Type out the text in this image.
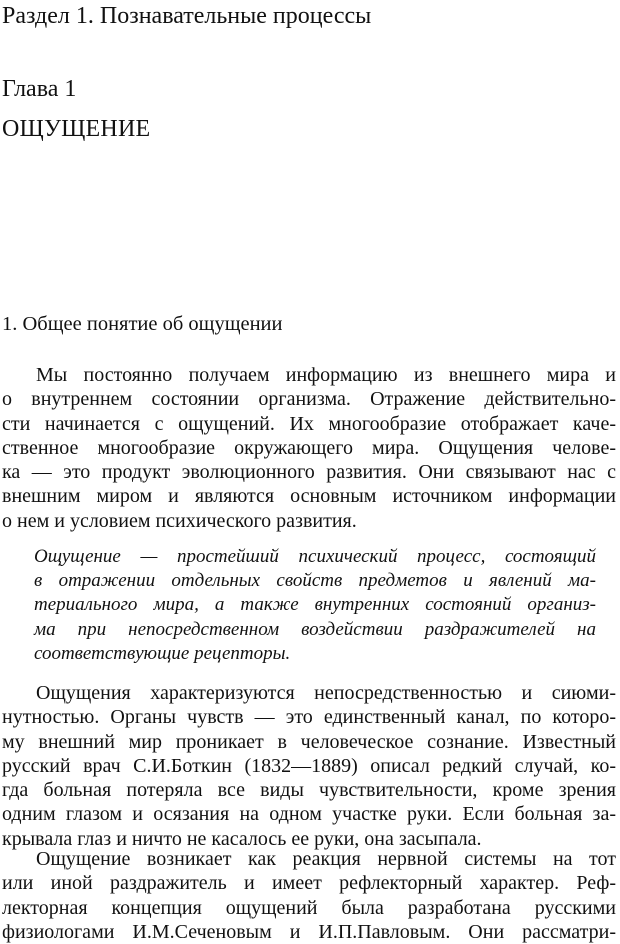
Раздел 1. Познавательные процессы
Глава 1
ОЩУЩЕНИЕ
1. Общее понятие об ощущении
Мы постоянно получаем информацию из внешнего мира и
о внутреннем состоянии организма. Отражение действительно-
сти начинается с ощущений. Их многообразие отображает каче-
ственное многообразие окружающего мира. Ощущения челове-
ка — это продукт эволюционного развития. Они связывают нас с
внешним миром и являются основным источником информации
о нем и условием психического развития.
Ощущение — простейший психический процесс, состоящий
в отражении отдельных свойств предметов и явлений ма-
териального мира, а также внутренних состояний организ-
ма при непосредственном воздействии раздражителей на
соответствующие рецепторы.
Ощущения характеризуются непосредственностью и сиюми-
нутностью. Органы чувств — это единственный канал, по которо-
му внешний мир проникает в человеческое сознание. Известный
русский врач С.И.Боткин (1832—1889) описал редкий случай, ко-
гда больная потеряла все виды чувствительности, кроме зрения
одним глазом и осязания на одном участке руки. Если больная за-
крывала глаз и ничто не касалось ее руки, она засыпала.
Ощущение возникает как реакция нервной системы на тот
или иной раздражитель и имеет рефлекторный характер. Реф-
лекторная концепция ощущений была разработана русскими
физиологами И.М.Сеченовым и И.П.Павловым. Они рассматри-
